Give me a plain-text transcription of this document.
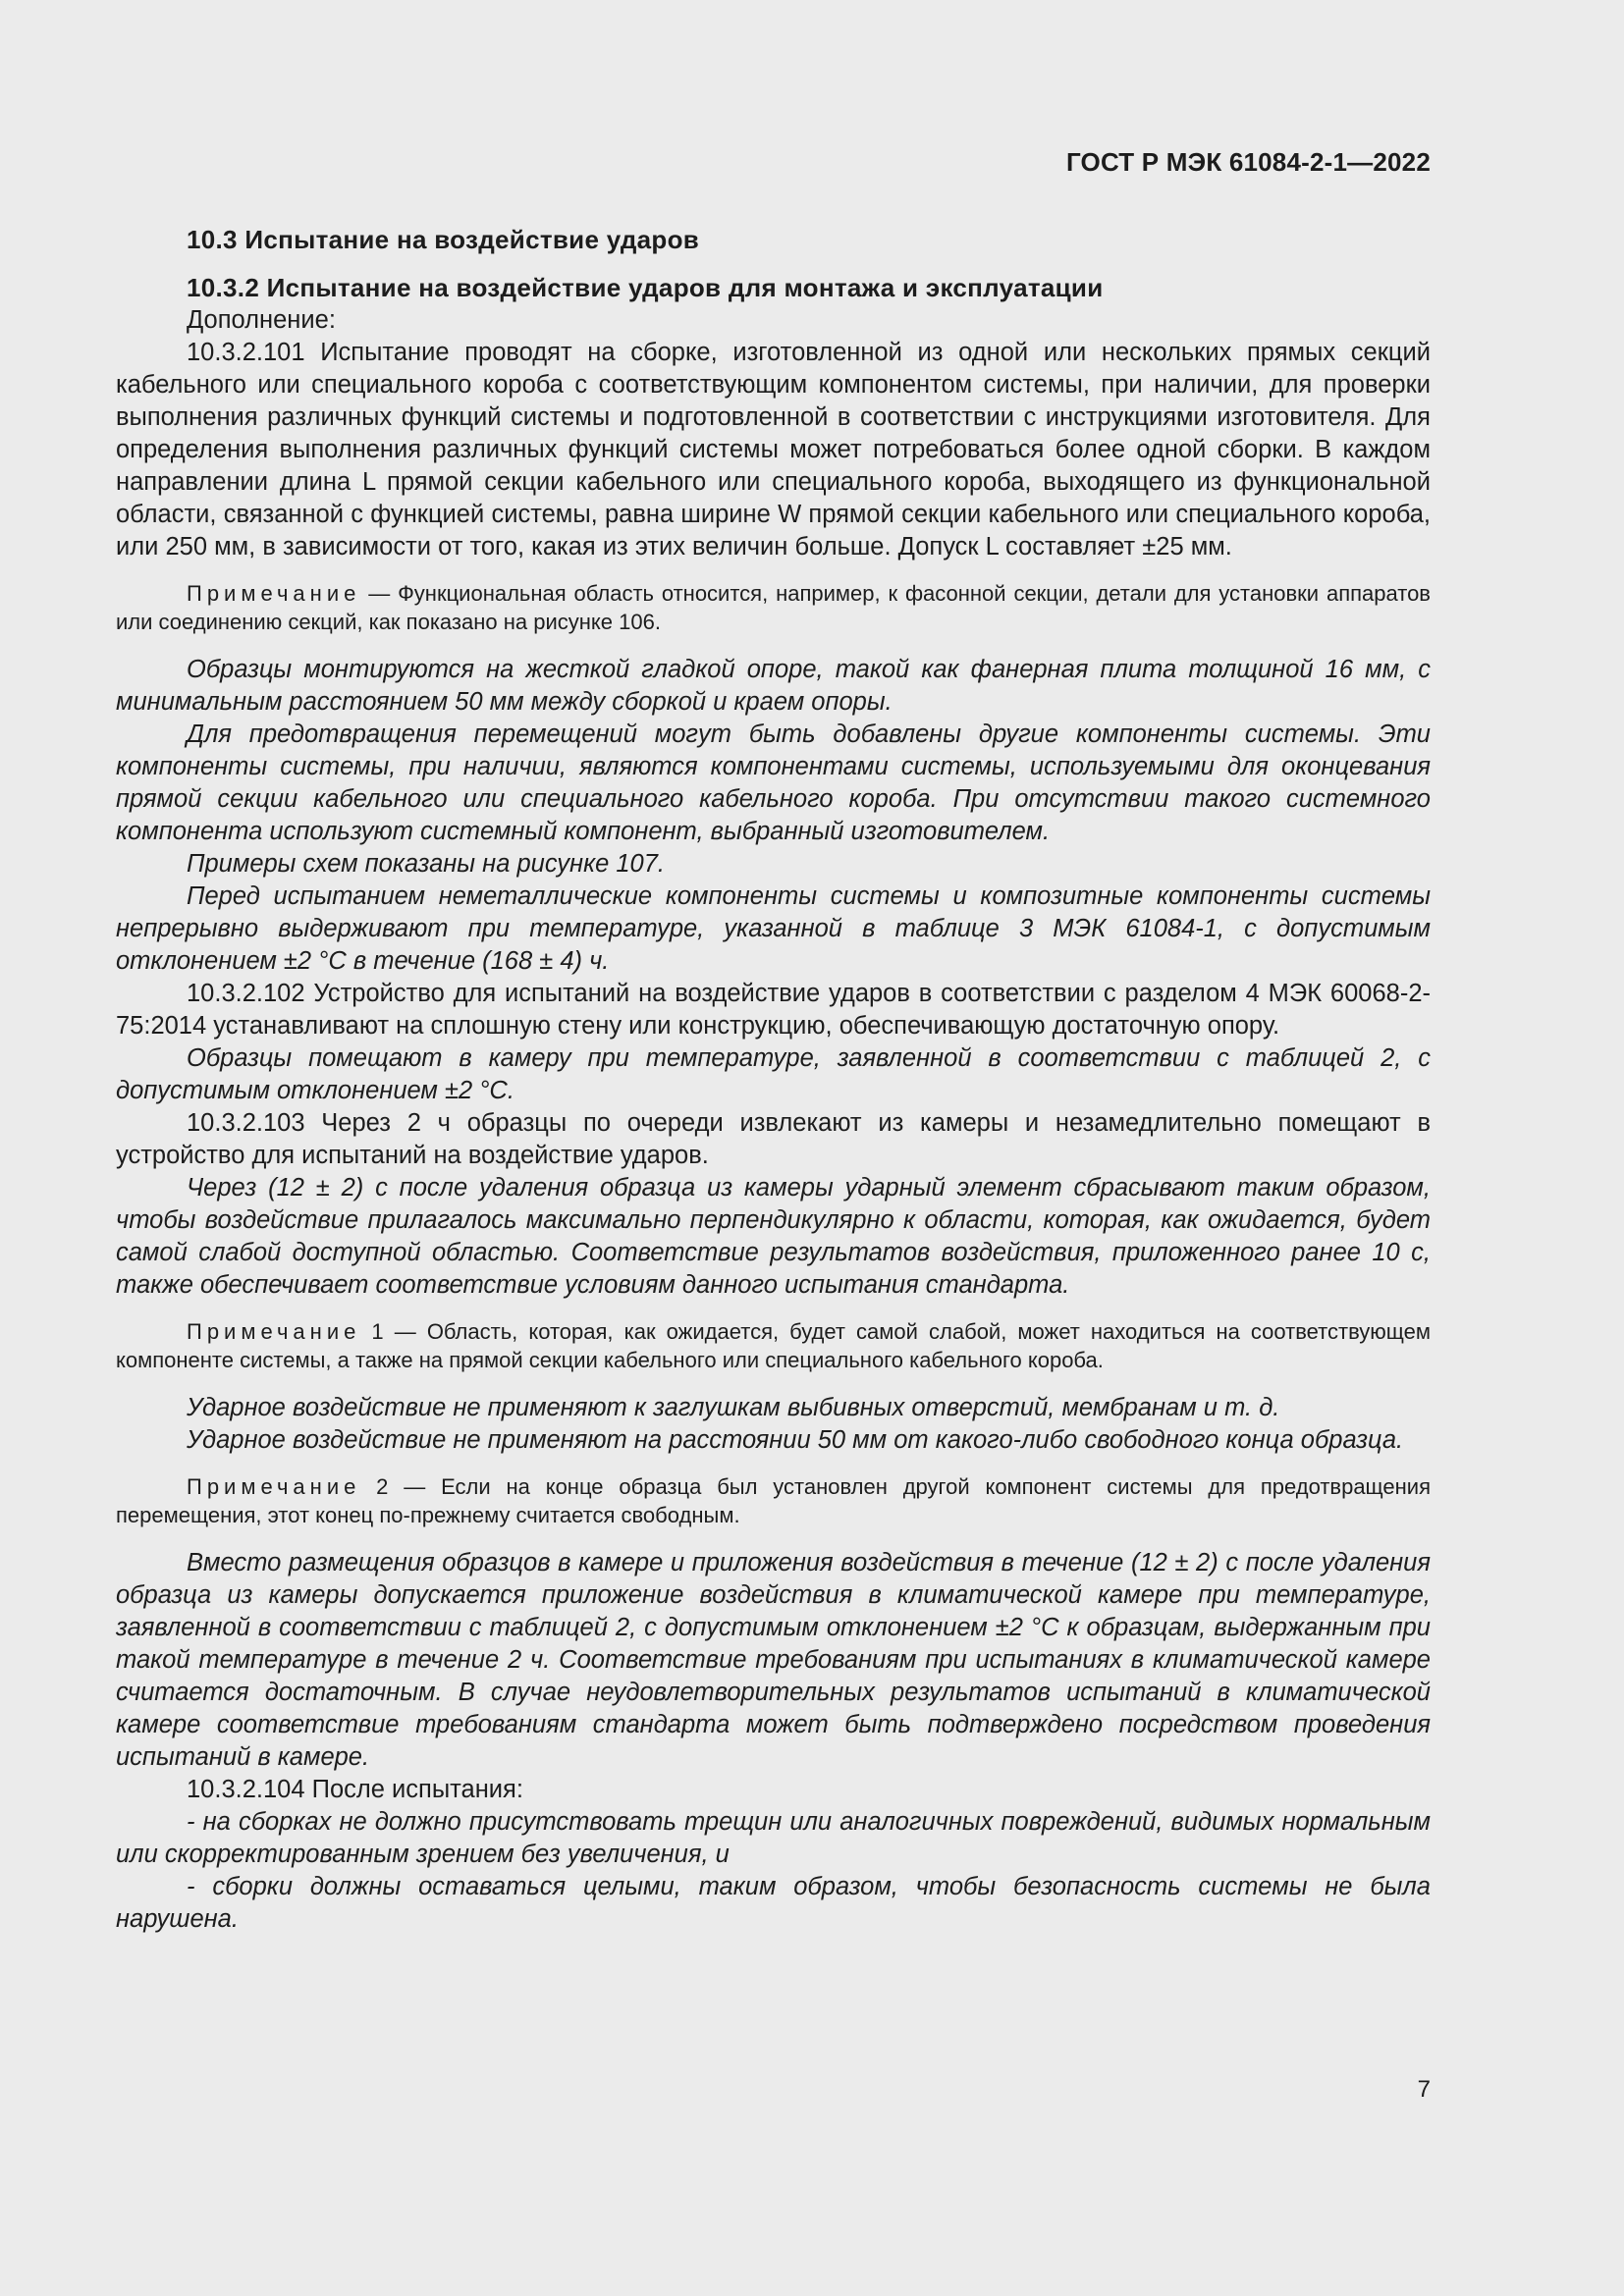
ГОСТ Р МЭК 61084-2-1—2022
10.3 Испытание на воздействие ударов
10.3.2 Испытание на воздействие ударов для монтажа и эксплуатации

Дополнение:

10.3.2.101 Испытание проводят на сборке, изготовленной из одной или нескольких прямых секций кабельного или специального короба с соответствующим компонентом системы, при наличии, для проверки выполнения различных функций системы и подготовленной в соответствии с инструкциями изготовителя. Для определения выполнения различных функций системы может потребоваться более одной сборки. В каждом направлении длина L прямой секции кабельного или специального короба, выходящего из функциональной области, связанной с функцией системы, равна ширине W прямой секции кабельного или специального короба, или 250 мм, в зависимости от того, какая из этих величин больше. Допуск L составляет ±25 мм.

Примечание — Функциональная область относится, например, к фасонной секции, детали для установки аппаратов или соединению секций, как показано на рисунке 106.

Образцы монтируются на жесткой гладкой опоре, такой как фанерная плита толщиной 16 мм, с минимальным расстоянием 50 мм между сборкой и краем опоры.

Для предотвращения перемещений могут быть добавлены другие компоненты системы. Эти компоненты системы, при наличии, являются компонентами системы, используемыми для оконцевания прямой секции кабельного или специального кабельного короба. При отсутствии такого системного компонента используют системный компонент, выбранный изготовителем.

Примеры схем показаны на рисунке 107.

Перед испытанием неметаллические компоненты системы и композитные компоненты системы непрерывно выдерживают при температуре, указанной в таблице 3 МЭК 61084-1, с допустимым отклонением ±2 °С в течение (168 ± 4) ч.

10.3.2.102 Устройство для испытаний на воздействие ударов в соответствии с разделом 4 МЭК 60068-2-75:2014 устанавливают на сплошную стену или конструкцию, обеспечивающую достаточную опору.

Образцы помещают в камеру при температуре, заявленной в соответствии с таблицей 2, с допустимым отклонением ±2 °С.

10.3.2.103 Через 2 ч образцы по очереди извлекают из камеры и незамедлительно помещают в устройство для испытаний на воздействие ударов.

Через (12 ± 2) с после удаления образца из камеры ударный элемент сбрасывают таким образом, чтобы воздействие прилагалось максимально перпендикулярно к области, которая, как ожидается, будет самой слабой доступной областью. Соответствие результатов воздействия, приложенного ранее 10 с, также обеспечивает соответствие условиям данного испытания стандарта.

Примечание 1 — Область, которая, как ожидается, будет самой слабой, может находиться на соответствующем компоненте системы, а также на прямой секции кабельного или специального кабельного короба.

Ударное воздействие не применяют к заглушкам выбивных отверстий, мембранам и т. д.

Ударное воздействие не применяют на расстоянии 50 мм от какого-либо свободного конца образца.

Примечание 2 — Если на конце образца был установлен другой компонент системы для предотвращения перемещения, этот конец по-прежнему считается свободным.

Вместо размещения образцов в камере и приложения воздействия в течение (12 ± 2) с после удаления образца из камеры допускается приложение воздействия в климатической камере при температуре, заявленной в соответствии с таблицей 2, с допустимым отклонением ±2 °С к образцам, выдержанным при такой температуре в течение 2 ч. Соответствие требованиям при испытаниях в климатической камере считается достаточным. В случае неудовлетворительных результатов испытаний в климатической камере соответствие требованиям стандарта может быть подтверждено посредством проведения испытаний в камере.

10.3.2.104 После испытания:

- на сборках не должно присутствовать трещин или аналогичных повреждений, видимых нормальным или скорректированным зрением без увеличения, и

- сборки должны оставаться целыми, таким образом, чтобы безопасность системы не была нарушена.

7
